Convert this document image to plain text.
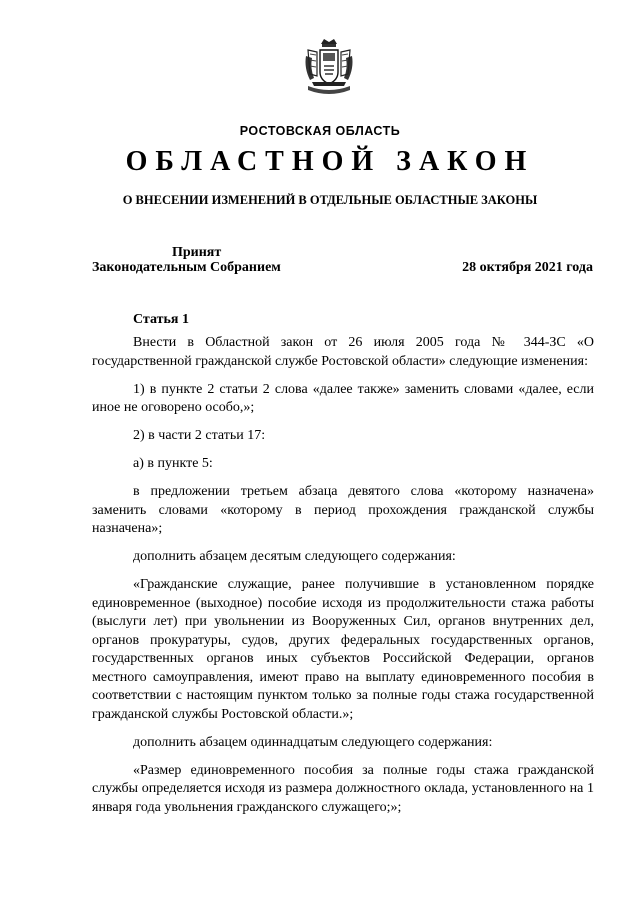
РОСТОВСКАЯ ОБЛАСТЬ
ОБЛАСТНОЙ ЗАКОН
О ВНЕСЕНИИ ИЗМЕНЕНИЙ В ОТДЕЛЬНЫЕ ОБЛАСТНЫЕ ЗАКОНЫ
Принят
Законодательным Собранием	28 октября 2021 года
Статья 1

Внести в Областной закон от 26 июля 2005 года № 344-ЗС «О государственной гражданской службе Ростовской области» следующие изменения:

1) в пункте 2 статьи 2 слова «далее также» заменить словами «далее, если иное не оговорено особо,»;

2) в части 2 статьи 17:

а) в пункте 5:

в предложении третьем абзаца девятого слова «которому назначена» заменить словами «которому в период прохождения гражданской службы назначена»;

дополнить абзацем десятым следующего содержания:

«Гражданские служащие, ранее получившие в установленном порядке единовременное (выходное) пособие исходя из продолжительности стажа работы (выслуги лет) при увольнении из Вооруженных Сил, органов внутренних дел, органов прокуратуры, судов, других федеральных государственных органов, государственных органов иных субъектов Российской Федерации, органов местного самоуправления, имеют право на выплату единовременного пособия в соответствии с настоящим пунктом только за полные годы стажа государственной гражданской службы Ростовской области.»;

дополнить абзацем одиннадцатым следующего содержания:

«Размер единовременного пособия за полные годы стажа гражданской службы определяется исходя из размера должностного оклада, установленного на 1 января года увольнения гражданского служащего;»;
